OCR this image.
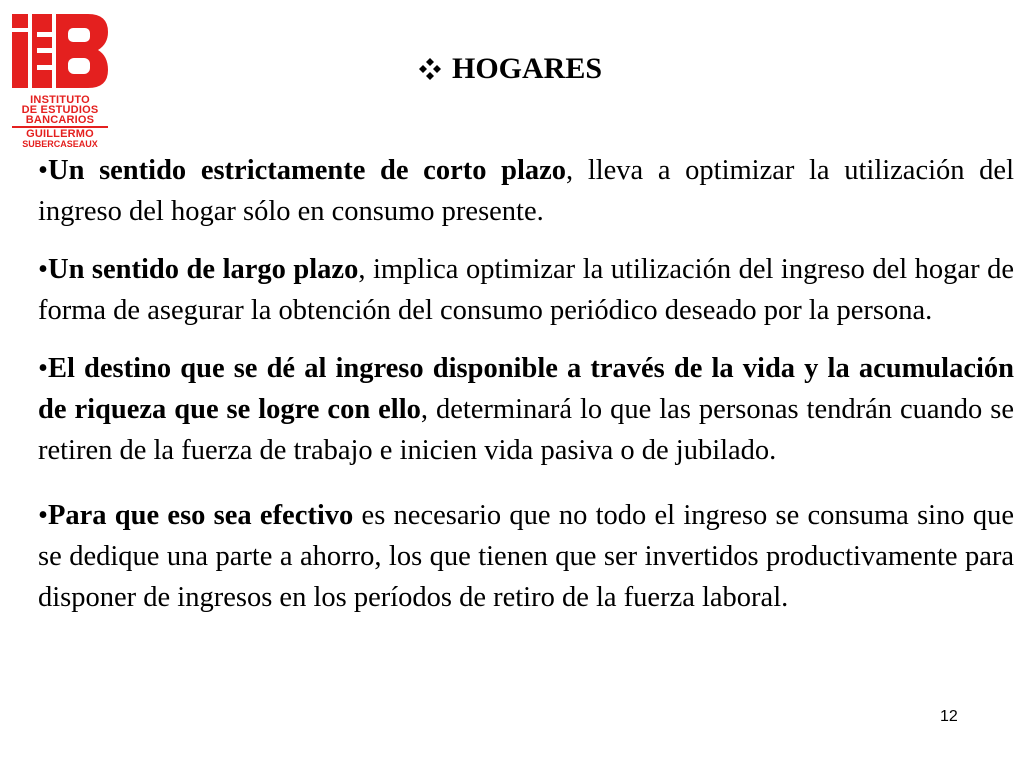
INSTITUTO
DE ESTUDIOS
BANCARIOS
GUILLERMO
SUBERCASEAUX
HOGARES

•Un sentido estrictamente de corto plazo, lleva a optimizar la utilización del ingreso del hogar sólo en consumo presente.

•Un sentido de largo plazo, implica optimizar la utilización del ingreso del hogar de forma de asegurar la obtención del consumo periódico deseado por la persona.

•El destino que se dé al ingreso disponible a través de la vida y la acumulación de riqueza que se logre con ello, determinará lo que las personas tendrán cuando se retiren de la fuerza de trabajo e inicien vida pasiva o de jubilado.

•Para que eso sea efectivo es necesario que no todo el ingreso se consuma sino que se dedique una parte a ahorro, los que tienen que ser invertidos productivamente para disponer de ingresos en los períodos de retiro de la fuerza laboral.

12
